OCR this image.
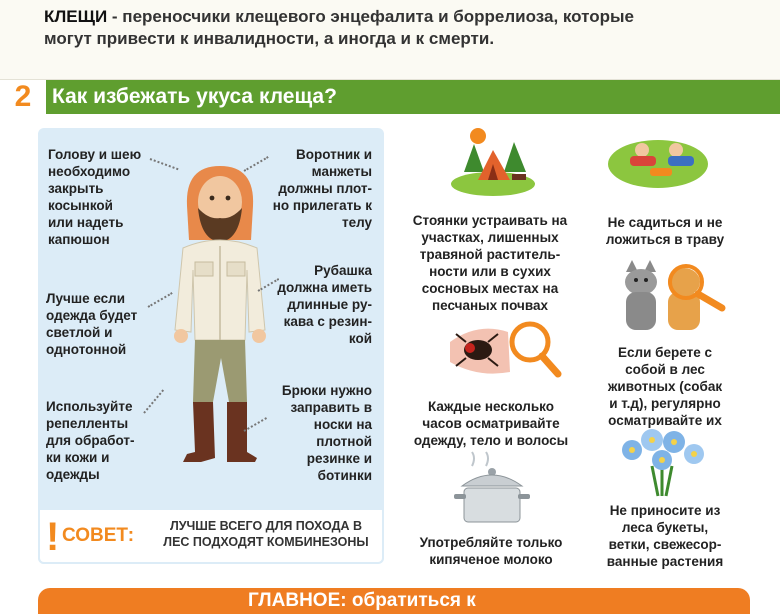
КЛЕЩИ - переносчики клещевого энцефалита и боррелиоза, которые
могут привести к инвалидности, а иногда и к смерти.
2 Как избежать укуса клеща?
Голову и шею
необходимо
закрыть
косынкой
или надеть
капюшон
Воротник и
манжеты
должны плот-
но прилегать к
телу
Рубашка
должна иметь
длинные ру-
кава с резин-
кой
Лучше если
одежда будет
светлой и
однотонной
Используйте
репелленты
для обработ-
ки кожи и
одежды
Брюки нужно
заправить в
носки на
плотной
резинке и
ботинки
! СОВЕТ:	ЛУЧШЕ ВСЕГО ДЛЯ ПОХОДА В
ЛЕС ПОДХОДЯТ КОМБИНЕЗОНЫ
Стоянки устраивать на
участках, лишенных
травяной раститель-
ности или в сухих
сосновых местах на
песчаных почвах
Не садиться и не
ложиться в траву
Каждые несколько
часов осматривайте
одежду, тело и волосы
Если берете с
собой в лес
животных (собак
и т.д), регулярно
осматривайте их
Употребляйте только
кипяченое молоко
Не приносите из
леса букеты,
ветки, свежесор-
ванные растения
ГЛАВНОЕ: обратиться к
